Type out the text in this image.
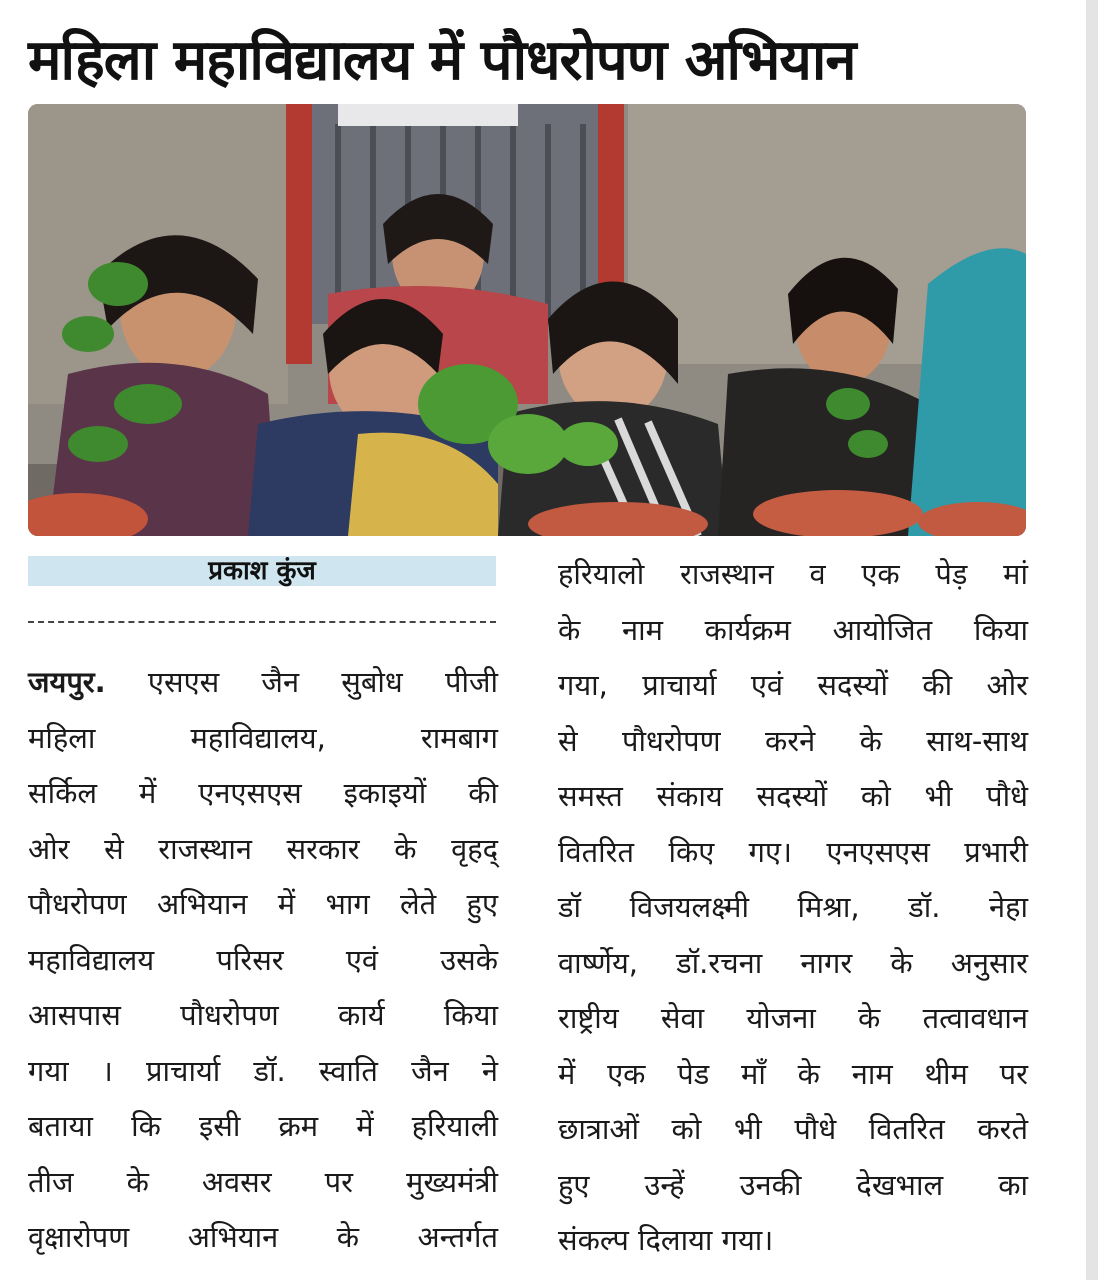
महिला महाविद्यालय में पौधरोपण अभियान
प्रकाश कुंज
जयपुर. एसएस जैन सुबोध पीजी
महिला महाविद्यालय, रामबाग
सर्किल में एनएसएस इकाइयों की
ओर से राजस्थान सरकार के वृहद्
पौधरोपण अभियान में भाग लेते हुए
महाविद्यालय परिसर एवं उसके
आसपास पौधरोपण कार्य किया
गया । प्राचार्या डॉ. स्वाति जैन ने
बताया कि इसी क्रम में हरियाली
तीज के अवसर पर मुख्यमंत्री
वृक्षारोपण अभियान के अन्तर्गत
हरियालो राजस्थान व एक पेड़ मां
के नाम कार्यक्रम आयोजित किया
गया, प्राचार्या एवं सदस्यों की ओर
से पौधरोपण करने के साथ-साथ
समस्त संकाय सदस्यों को भी पौधे
वितरित किए गए। एनएसएस प्रभारी
डॉ विजयलक्ष्मी मिश्रा, डॉ. नेहा
वार्ष्णेय, डॉ.रचना नागर के अनुसार
राष्ट्रीय सेवा योजना के तत्वावधान
में एक पेड माँ के नाम थीम पर
छात्राओं को भी पौधे वितरित करते
हुए उन्हें उनकी देखभाल का
संकल्प दिलाया गया।
